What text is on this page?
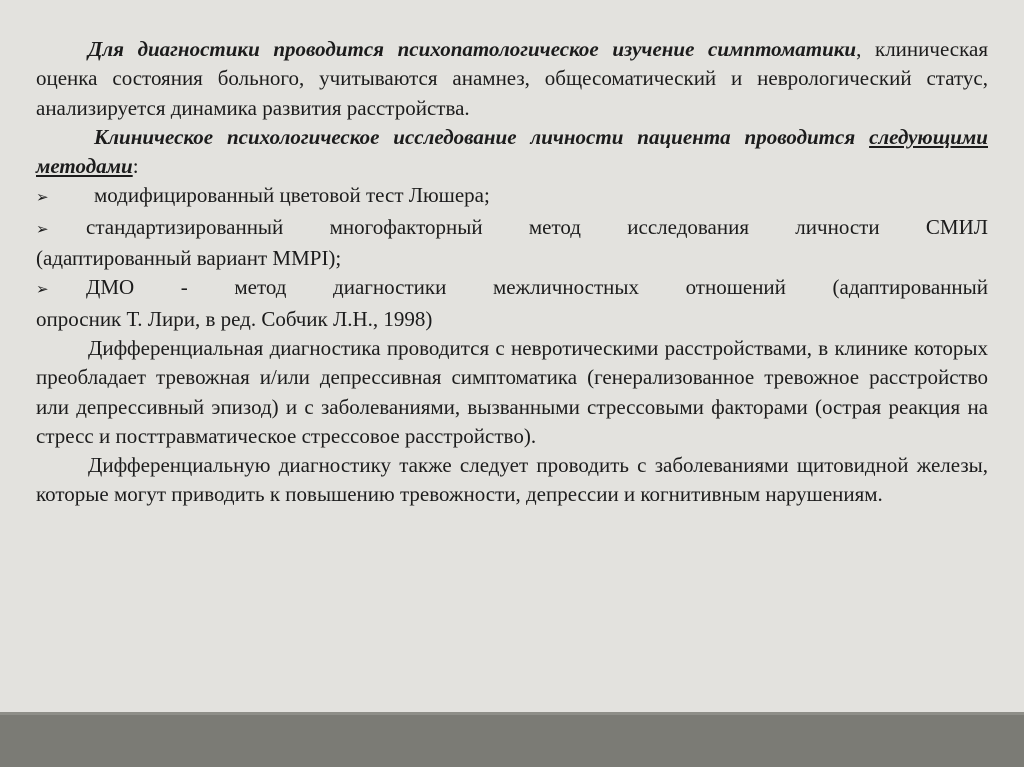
Для диагностики проводится психопатологическое изучение симптоматики, клиническая оценка состояния больного, учитываются анамнез, общесоматический и неврологический статус, анализируется динамика развития расстройства.

Клиническое психологическое исследование личности пациента проводится следующими методами:

➢	модифицированный цветовой тест Люшера;
➢	стандартизированный многофакторный метод исследования личности СМИЛ

(адаптированный вариант MMPI);

➢	ДМО - метод диагностики межличностных отношений (адаптированный

опросник Т. Лири, в ред. Собчик Л.Н., 1998)

Дифференциальная диагностика проводится с невротическими расстройствами, в клинике которых преобладает тревожная и/или депрессивная симптоматика (генерализованное тревожное расстройство или депрессивный эпизод) и с заболеваниями, вызванными стрессовыми факторами (острая реакция на стресс и посттравматическое стрессовое расстройство).

Дифференциальную диагностику также следует проводить с заболеваниями щитовидной железы, которые могут приводить к повышению тревожности, депрессии и когнитивным нарушениям.
